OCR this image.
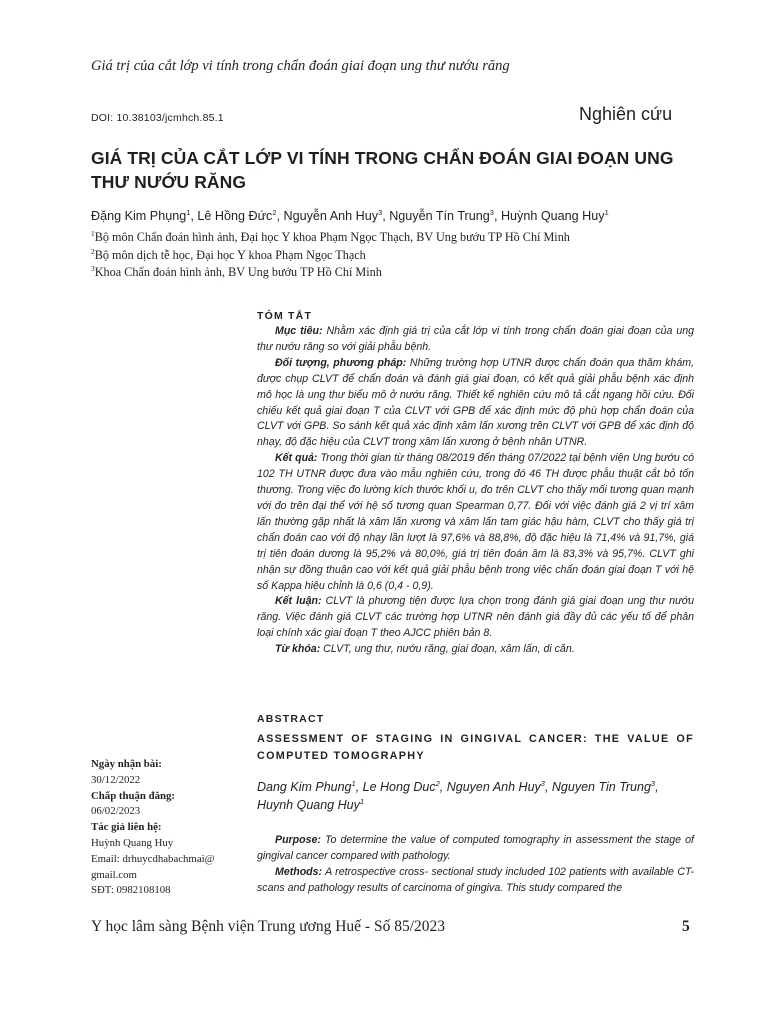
Giá trị của cắt lớp vi tính trong chẩn đoán giai đoạn ung thư nướu răng
DOI: 10.38103/jcmhch.85.1	Nghiên cứu
GIÁ TRỊ CỦA CẮT LỚP VI TÍNH TRONG CHẨN ĐOÁN GIAI ĐOẠN UNG THƯ NƯỚU RĂNG
Đặng Kim Phụng$^1$, Lê Hồng Đức$^2$, Nguyễn Anh Huy$^3$, Nguyễn Tín Trung$^3$, Huỳnh Quang Huy$^1$
$^1$Bộ môn Chẩn đoán hình ảnh, Đại học Y khoa Phạm Ngọc Thạch, BV Ung bướu TP Hồ Chí Minh
$^2$Bộ môn dịch tễ học, Đại học Y khoa Phạm Ngọc Thạch
$^3$Khoa Chẩn đoán hình ảnh, BV Ung bướu TP Hồ Chí Minh
TÓM TẮT

Mục tiêu: Nhằm xác định giá trị của cắt lớp vi tính trong chẩn đoán giai đoạn của ung thư nướu răng so với giải phẫu bệnh.

Đối tượng, phương pháp: Những trường hợp UTNR được chẩn đoán qua thăm khám, được chụp CLVT để chẩn đoán và đánh giá giai đoạn, có kết quả giải phẫu bệnh xác định mô học là ung thư biểu mô ở nướu răng. Thiết kế nghiên cứu mô tả cắt ngang hồi cứu. Đối chiếu kết quả giai đoạn T của CLVT với GPB để xác định mức độ phù hợp chẩn đoán của CLVT với GPB. So sánh kết quả xác định xâm lấn xương trên CLVT với GPB để xác định độ nhạy, độ đặc hiệu của CLVT trong xâm lấn xương ở bệnh nhân UTNR.

Kết quả: Trong thời gian từ tháng 08/2019 đến tháng 07/2022 tại bệnh viện Ung bướu có 102 TH UTNR được đưa vào mẫu nghiên cứu, trong đó 46 TH được phẫu thuật cắt bỏ tổn thương. Trong việc đo lường kích thước khối u, đo trên CLVT cho thấy mối tương quan mạnh với đo trên đại thể với hệ số tương quan Spearman 0,77. Đối với việc đánh giá 2 vị trí xâm lấn thường gặp nhất là xâm lấn xương và xâm lấn tam giác hậu hàm, CLVT cho thấy giá trị chẩn đoán cao với độ nhạy lần lượt là 97,6% và 88,8%, độ đặc hiệu là 71,4% và 91,7%, giá trị tiên đoán dương là 95,2% và 80,0%, giá trị tiên đoán âm là 83,3% và 95,7%. CLVT ghi nhận sự đồng thuận cao với kết quả giải phẫu bệnh trong việc chẩn đoán giai đoạn T với hệ số Kappa hiệu chỉnh là 0,6 (0,4 - 0,9).

Kết luận: CLVT là phương tiện được lựa chọn trong đánh giá giai đoạn ung thư nướu răng. Việc đánh giá CLVT các trường hợp UTNR nên đánh giá đầy đủ các yếu tố để phân loại chính xác giai đoạn T theo AJCC phiên bản 8.

Từ khóa: CLVT, ung thư, nướu răng, giai đoạn, xâm lấn, di căn.

ABSTRACT
ASSESSMENT OF STAGING IN GINGIVAL CANCER: THE VALUE OF COMPUTED TOMOGRAPHY
Dang Kim Phung$^1$, Le Hong Duc$^2$, Nguyen Anh Huy$^3$, Nguyen Tin Trung$^3$,
Huynh Quang Huy$^1$

Purpose: To determine the value of computed tomography in assessment the stage of gingival cancer compared with pathology.

Methods: A retrospective cross- sectional study included 102 patients with available CT-scans and pathology results of carcinoma of gingiva. This study compared the

Ngày nhận bài:
30/12/2022
Chấp thuận đăng:
06/02/2023
Tác giả liên hệ:
Huỳnh Quang Huy
Email: drhuycdhabachmai@
gmail.com
SĐT: 0982108108
Y học lâm sàng Bệnh viện Trung ương Huế - Số 85/2023	5
